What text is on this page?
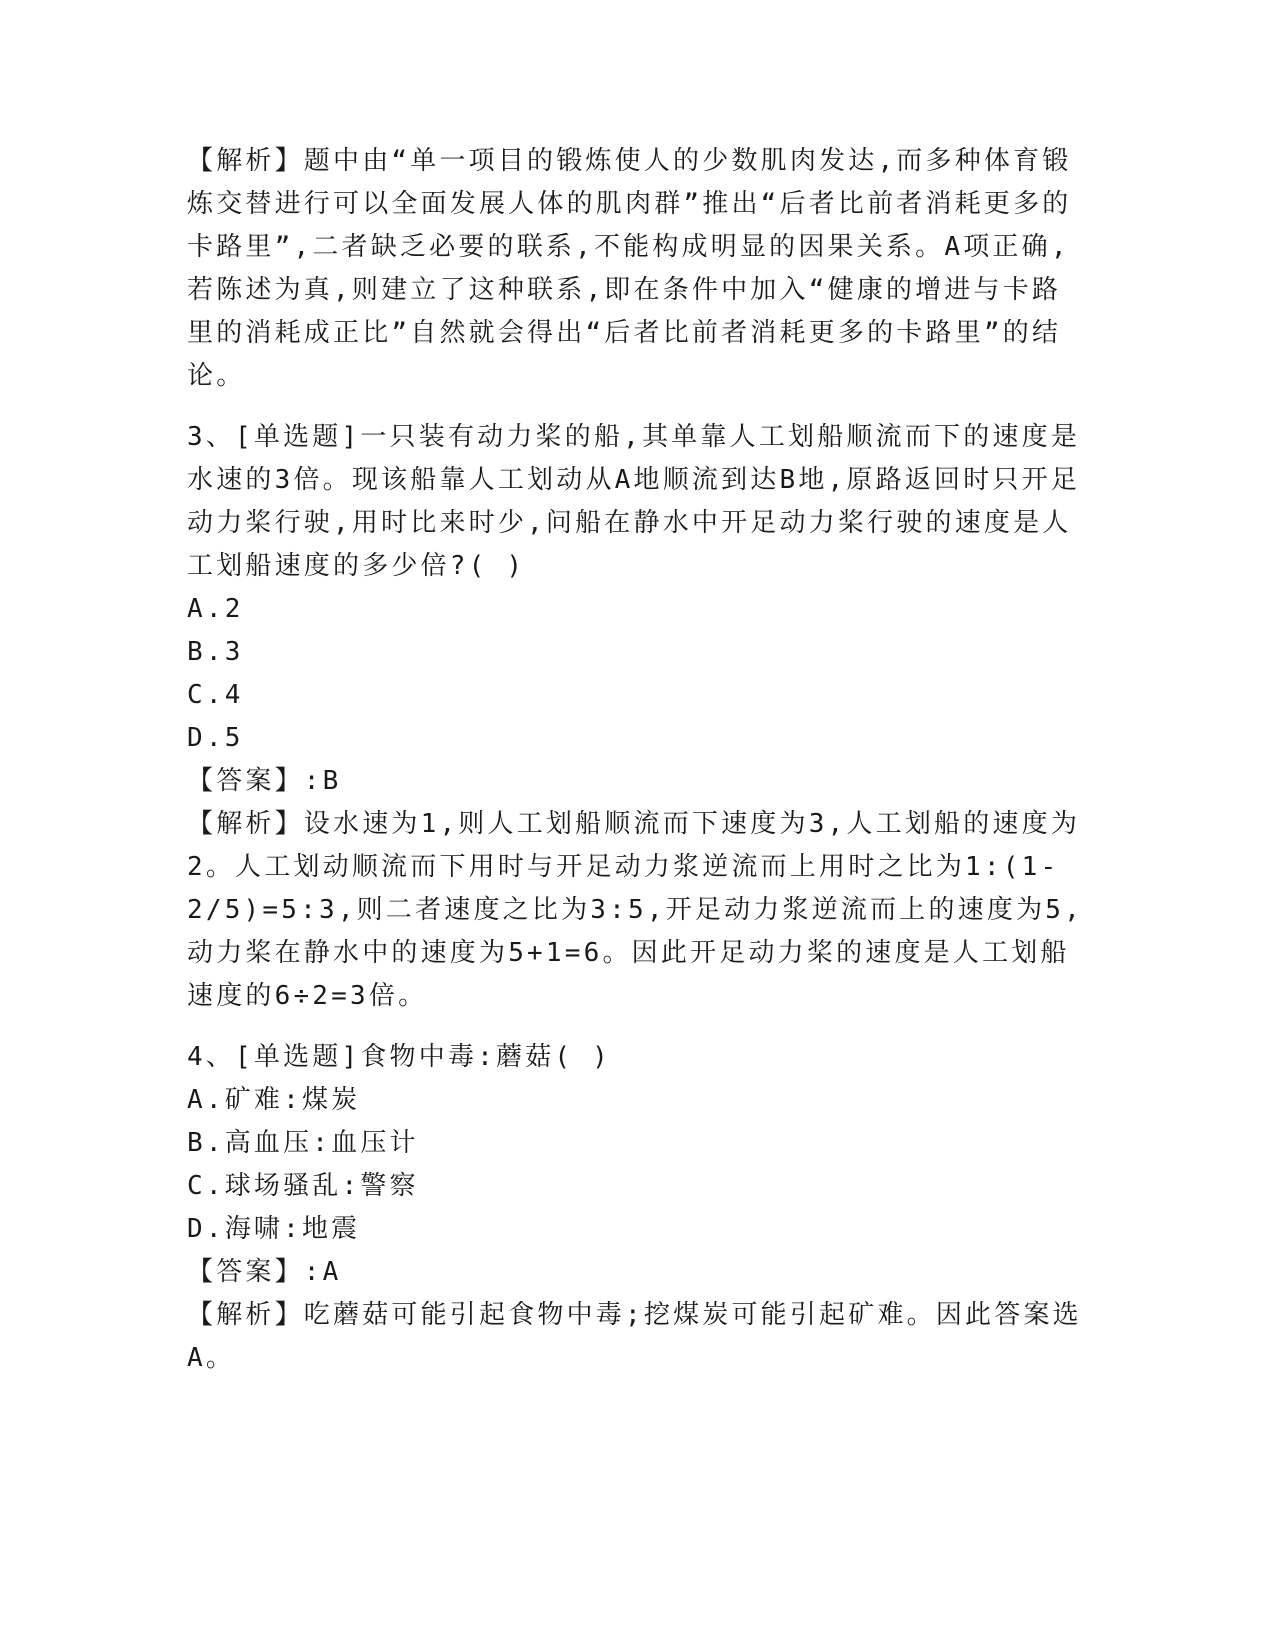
【解析】题中由“单一项目的锻炼使人的少数肌肉发达,而多种体育锻炼交替进行可以全面发展人体的肌肉群”推出“后者比前者消耗更多的卡路里”,二者缺乏必要的联系,不能构成明显的因果关系。A项正确,若陈述为真,则建立了这种联系,即在条件中加入“健康的增进与卡路里的消耗成正比”自然就会得出“后者比前者消耗更多的卡路里”的结论。

3、[单选题]一只装有动力桨的船,其单靠人工划船顺流而下的速度是水速的3倍。现该船靠人工划动从A地顺流到达B地,原路返回时只开足动力桨行驶,用时比来时少,问船在静水中开足动力桨行驶的速度是人工划船速度的多少倍?( )

A.2

B.3

C.4

D.5

【答案】:B

【解析】设水速为1,则人工划船顺流而下速度为3,人工划船的速度为2。人工划动顺流而下用时与开足动力浆逆流而上用时之比为1:(1-2/5)=5:3,则二者速度之比为3:5,开足动力浆逆流而上的速度为5,动力桨在静水中的速度为5+1=6。因此开足动力桨的速度是人工划船速度的6÷2=3倍。

4、[单选题]食物中毒:蘑菇( )

A.矿难:煤炭

B.高血压:血压计

C.球场骚乱:警察

D.海啸:地震

【答案】:A

【解析】吃蘑菇可能引起食物中毒;挖煤炭可能引起矿难。因此答案选A。
